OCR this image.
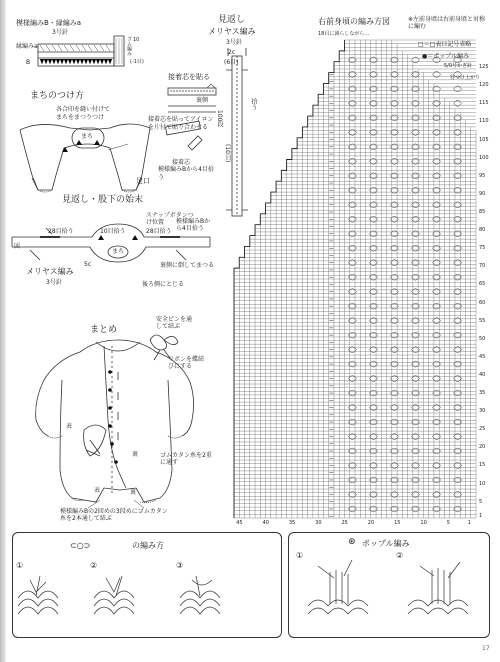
模様編みB・縁編みa
3号針
縁編みa
B
ゴム編み 10
(-1目)
見返し
メリヤス編み
3号針
2c
(6目)
拾う
100段
(10目)
接着芯を貼る
裏側
接着芯を貼ってアイロンを片付て貼り合わせる
接着芯
まちのつけ方
各合印を縫い付けてまちをまつりつけ
まち
足口
模様編みBから4目拾う
見返し・股下の始末
スナップボタンつけ位置	模様編みBから4目拾う
28目拾う	10目拾う	28目拾う
図
5c
まち
メリヤス編み
3号針
裏側に倒してまつる
後ろ側にとじる
まとめ
安全ピンを通して結ぶ
リボンを蝶結びにする
表
裏
表	裏
ゴムカタン糸を2重に通す
模様編みBの2回めの3段めにゴムカタン糸を2本通して結ぶ
右前身頃の編み方図	※左前身頃は右前身頃と対称に編む
18目に減らしながら…
□＝□表目記号省略
●＝ポップル編み
5/0号かぎ針
待つけ上がり
45	40	35	30	25	20	15	10	5	1
125
120
115
110
105
100
95
90
85
80
75
70
65
60
55
50
45
40
35
30
25
20
15
10
5
1
⊂○⊃	の編み方
①	②	③
⊛ ポップル編み
①	②
17
